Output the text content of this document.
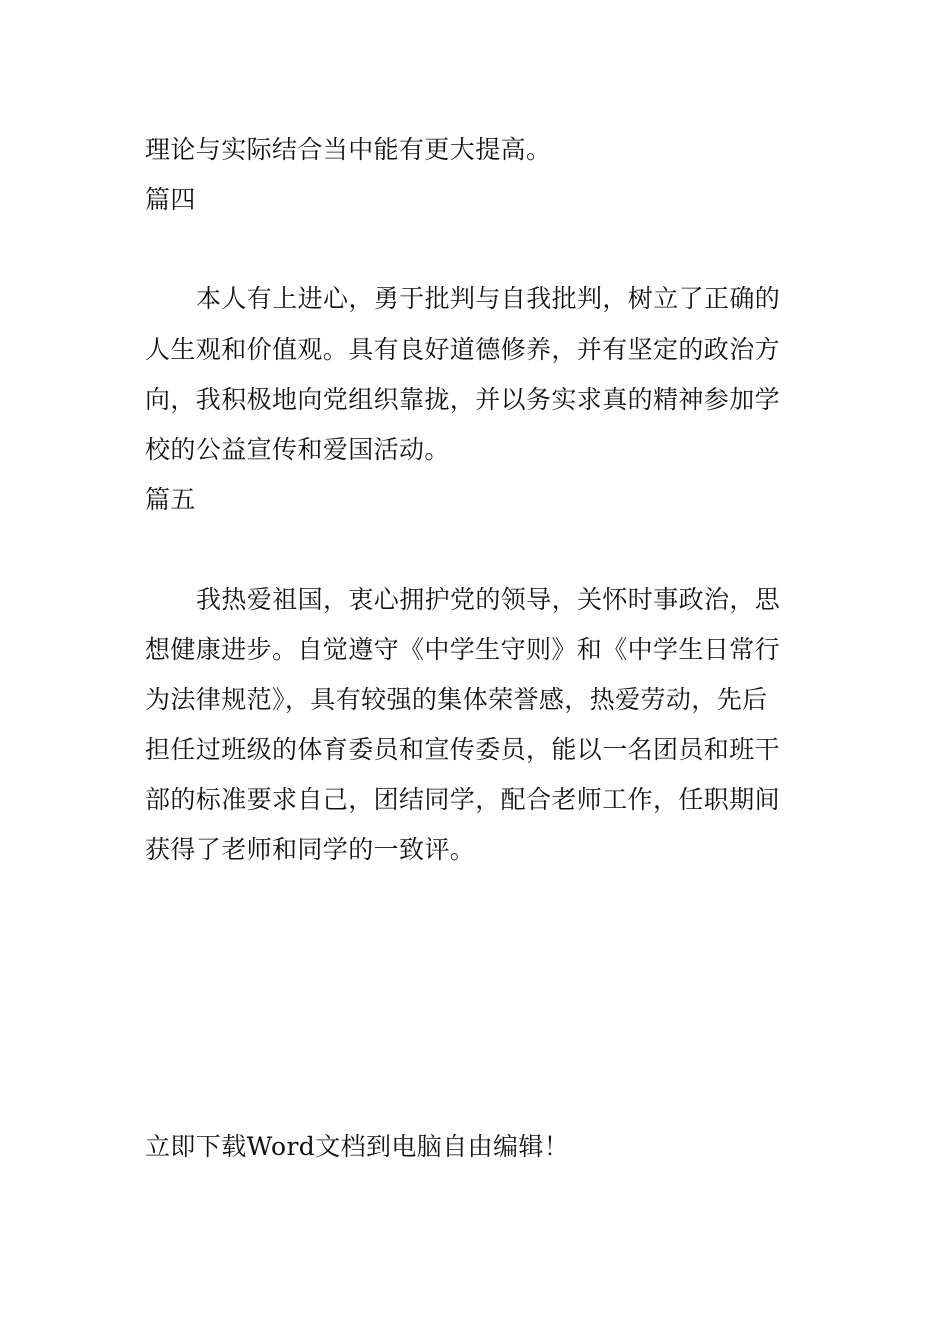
理论与实际结合当中能有更大提高。
篇四
本人有上进心，勇于批判与自我批判，树立了正确的
人生观和价值观。具有良好道德修养，并有坚定的政治方
向，我积极地向党组织靠拢，并以务实求真的精神参加学
校的公益宣传和爱国活动。
篇五
我热爱祖国，衷心拥护党的领导，关怀时事政治，思
想健康进步。自觉遵守《中学生守则》和《中学生日常行
为法律规范》，具有较强的集体荣誉感，热爱劳动，先后
担任过班级的体育委员和宣传委员，能以一名团员和班干
部的标准要求自己，团结同学，配合老师工作，任职期间
获得了老师和同学的一致评。
立即下载Word文档到电脑自由编辑！
